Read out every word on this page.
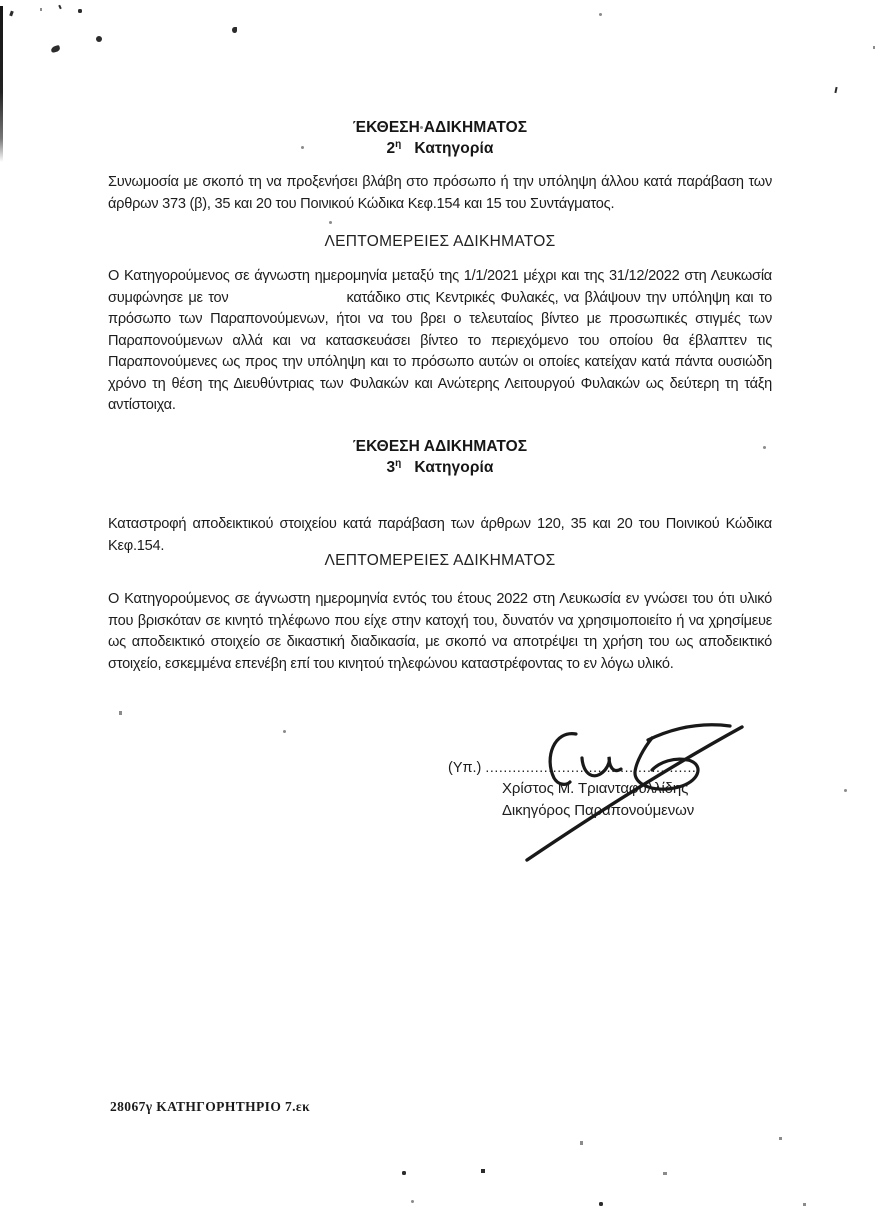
ΈΚΘΕΣΗ ΑΔΙΚΗΜΑΤΟΣ
$2^\eta$ Κατηγορία

Συνωμοσία με σκοπό τη να προξενήσει βλάβη στο πρόσωπο ή την υπόληψη άλλου κατά παράβαση των άρθρων 373 (β), 35 και 20 του Ποινικού Κώδικα Κεφ.154 και 15 του Συντάγματος.

ΛΕΠΤΟΜΕΡΕΙΕΣ ΑΔΙΚΗΜΑΤΟΣ

Ο Κατηγορούμενος σε άγνωστη ημερομηνία μεταξύ της 1/1/2021 μέχρι και της 31/12/2022 στη Λευκωσία συμφώνησε με τον	κατάδικο στις Κεντρικές Φυλακές, να βλάψουν την υπόληψη και το πρόσωπο των Παραπονούμενων, ήτοι να του βρει ο τελευταίος βίντεο με προσωπικές στιγμές των Παραπονούμενων αλλά και να κατασκευάσει βίντεο το περιεχόμενο του οποίου θα έβλαπτεν τις Παραπονούμενες ως προς την υπόληψη και το πρόσωπο αυτών οι οποίες κατείχαν κατά πάντα ουσιώδη χρόνο τη θέση της Διευθύντριας των Φυλακών και Ανώτερης Λειτουργού Φυλακών ως δεύτερη τη τάξη αντίστοιχα.

ΈΚΘΕΣΗ ΑΔΙΚΗΜΑΤΟΣ
$3^\eta$ Κατηγορία

Καταστροφή αποδεικτικού στοιχείου κατά παράβαση των άρθρων 120, 35 και 20 του Ποινικού Κώδικα Κεφ.154.

ΛΕΠΤΟΜΕΡΕΙΕΣ ΑΔΙΚΗΜΑΤΟΣ

Ο Κατηγορούμενος σε άγνωστη ημερομηνία εντός του έτους 2022 στη Λευκωσία εν γνώσει του ότι υλικό που βρισκόταν σε κινητό τηλέφωνο που είχε στην κατοχή του, δυνατόν να χρησιμοποιείτο ή να χρησίμευε ως αποδεικτικό στοιχείο σε δικαστική διαδικασία, με σκοπό να αποτρέψει τη χρήση του ως αποδεικτικό στοιχείο, εσκεμμένα επενέβη επί του κινητού τηλεφώνου καταστρέφοντας το εν λόγω υλικό.

(Υπ.) ................................................
Χρίστος Μ. Τριανταφυλλίδης
Δικηγόρος Παραπονούμενων
28067γ ΚΑΤΗΓΟΡΗΤΗΡΙΟ 7.εκ
